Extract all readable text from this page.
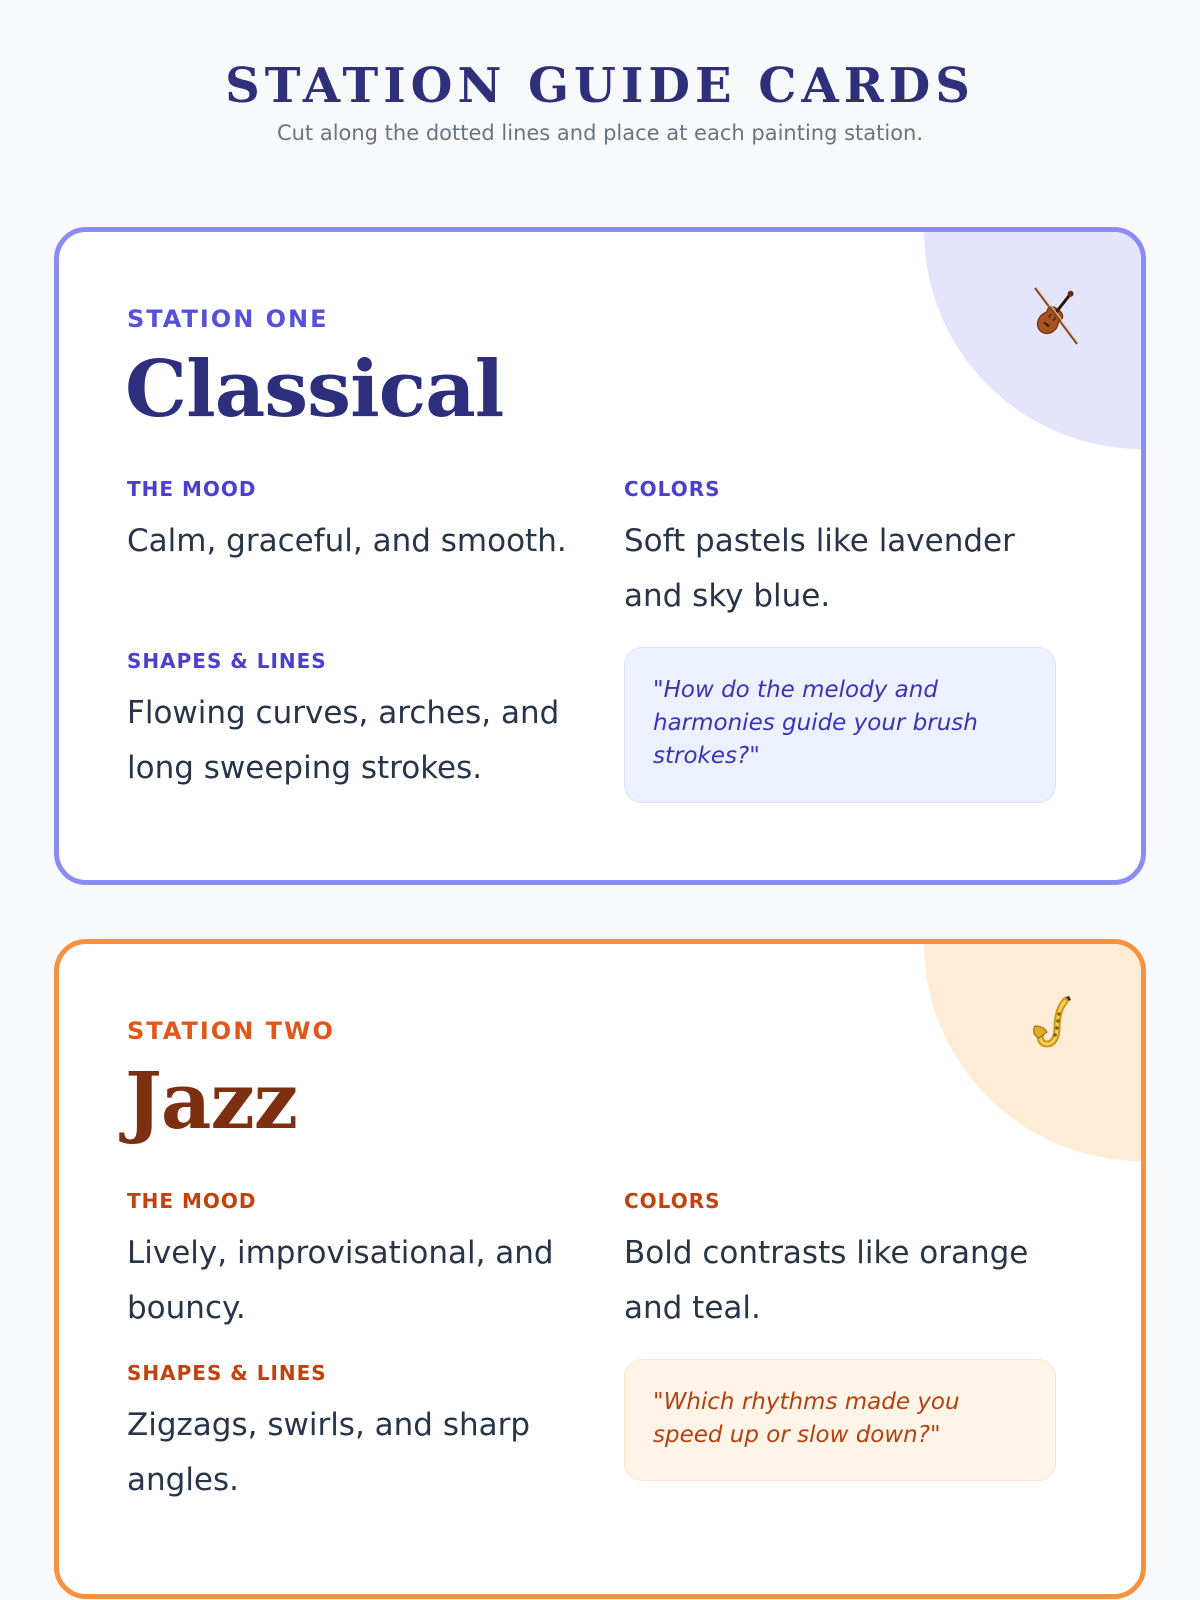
STATION GUIDE CARDS

Cut along the dotted lines and place at each painting station.

STATION ONE

Classical

THE MOOD

Calm, graceful, and smooth.

SHAPES & LINES

Flowing curves, arches, and long sweeping strokes.

COLORS

Soft pastels like lavender and sky blue.

"How do the melody and harmonies guide your brush strokes?"

STATION TWO

Jazz

THE MOOD

Lively, improvisational, and bouncy.

SHAPES & LINES

Zigzags, swirls, and sharp angles.

COLORS

Bold contrasts like orange and teal.

"Which rhythms made you speed up or slow down?"
